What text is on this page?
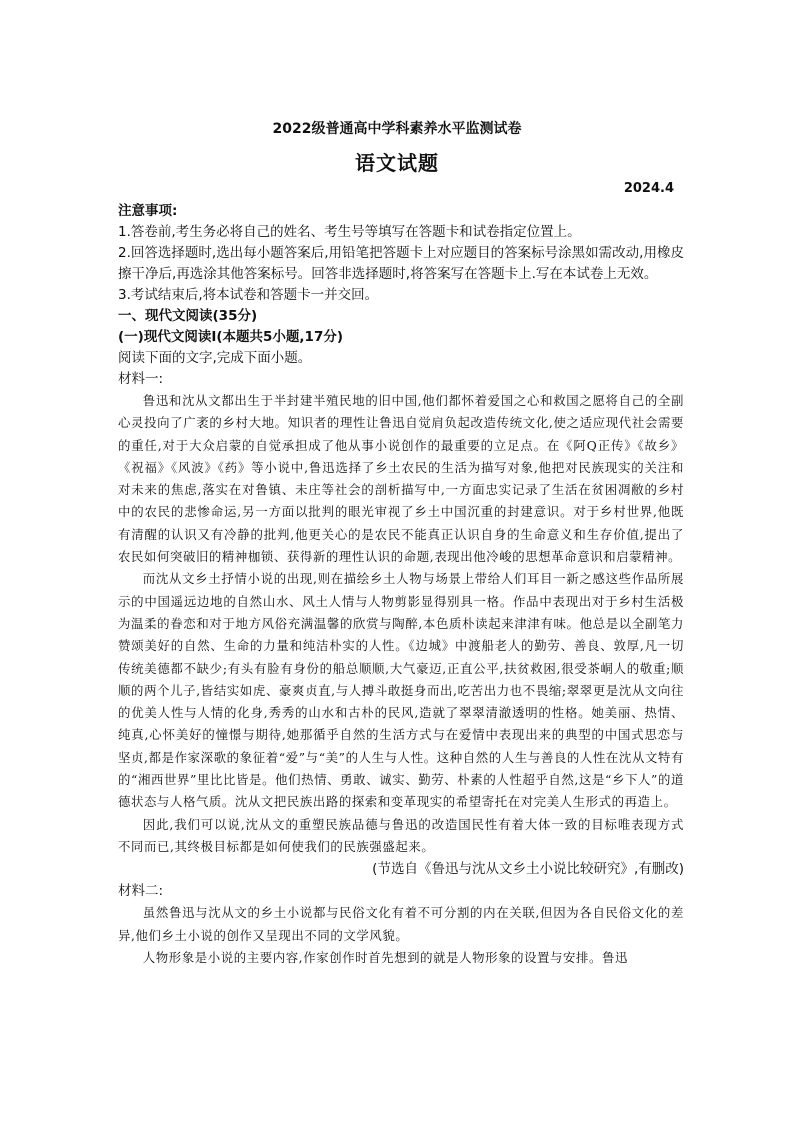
2022级普通高中学科素养水平监测试卷
语文试题
2024.4
注意事项:
1.答卷前,考生务必将自己的姓名、考生号等填写在答题卡和试卷指定位置上。
2.回答选择题时,选出每小题答案后,用铅笔把答题卡上对应题目的答案标号涂黑如需改动,用橡皮擦干净后,再选涂其他答案标号。回答非选择题时,将答案写在答题卡上.写在本试卷上无效。
3.考试结束后,将本试卷和答题卡一并交回。
一、现代文阅读(35分)
(一)现代文阅读Ⅰ(本题共5小题,17分)
阅读下面的文字,完成下面小题。
材料一:

鲁迅和沈从文都出生于半封建半殖民地的旧中国,他们都怀着爱国之心和救国之愿将自己的全副心灵投向了广袤的乡村大地。知识者的理性让鲁迅自觉肩负起改造传统文化,使之适应现代社会需要的重任,对于大众启蒙的自觉承担成了他从事小说创作的最重要的立足点。在《阿Q正传》《故乡》《祝福》《风波》《药》等小说中,鲁迅选择了乡土农民的生活为描写对象,他把对民族现实的关注和对未来的焦虑,落实在对鲁镇、未庄等社会的剖析描写中,一方面忠实记录了生活在贫困凋敝的乡村中的农民的悲惨命运,另一方面以批判的眼光审视了乡土中国沉重的封建意识。对于乡村世界,他既有清醒的认识又有冷静的批判,他更关心的是农民不能真正认识自身的生命意义和生存价值,提出了农民如何突破旧的精神枷锁、获得新的理性认识的命题,表现出他冷峻的思想革命意识和启蒙精神。

而沈从文乡土抒情小说的出现,则在描绘乡土人物与场景上带给人们耳目一新之感这些作品所展示的中国遥远边地的自然山水、风土人情与人物剪影显得别具一格。作品中表现出对于乡村生活极为温柔的眷恋和对于地方风俗充满温馨的欣赏与陶醉,本色质朴读起来津津有味。他总是以全副笔力赞颂美好的自然、生命的力量和纯洁朴实的人性。《边城》中渡船老人的勤劳、善良、敦厚,凡一切传统美德都不缺少;有头有脸有身份的船总顺顺,大气豪迈,正直公平,扶贫救困,很受茶峒人的敬重;顺顺的两个儿子,皆结实如虎、豪爽贞直,与人搏斗敢挺身而出,吃苦出力也不畏缩;翠翠更是沈从文向往的优美人性与人情的化身,秀秀的山水和古朴的民风,造就了翠翠清澈透明的性格。她美丽、热情、纯真,心怀美好的憧憬与期待,她那循乎自然的生活方式与在爱情中表现出来的典型的中国式思恋与坚贞,都是作家深歌的象征着“爱”与“美”的人生与人性。这种自然的人生与善良的人性在沈从文特有的“湘西世界”里比比皆是。他们热情、勇敢、诚实、勤劳、朴素的人性超乎自然,这是“乡下人”的道德状态与人格气质。沈从文把民族出路的探索和变革现实的希望寄托在对完美人生形式的再造上。

因此,我们可以说,沈从文的重塑民族品德与鲁迅的改造国民性有着大体一致的目标唯表现方式不同而已,其终极目标都是如何使我们的民族强盛起来。

(节选自《鲁迅与沈从文乡土小说比较研究》,有删改)

材料二:

虽然鲁迅与沈从文的乡土小说都与民俗文化有着不可分割的内在关联,但因为各自民俗文化的差异,他们乡土小说的创作又呈现出不同的文学风貌。

人物形象是小说的主要内容,作家创作时首先想到的就是人物形象的设置与安排。鲁迅
